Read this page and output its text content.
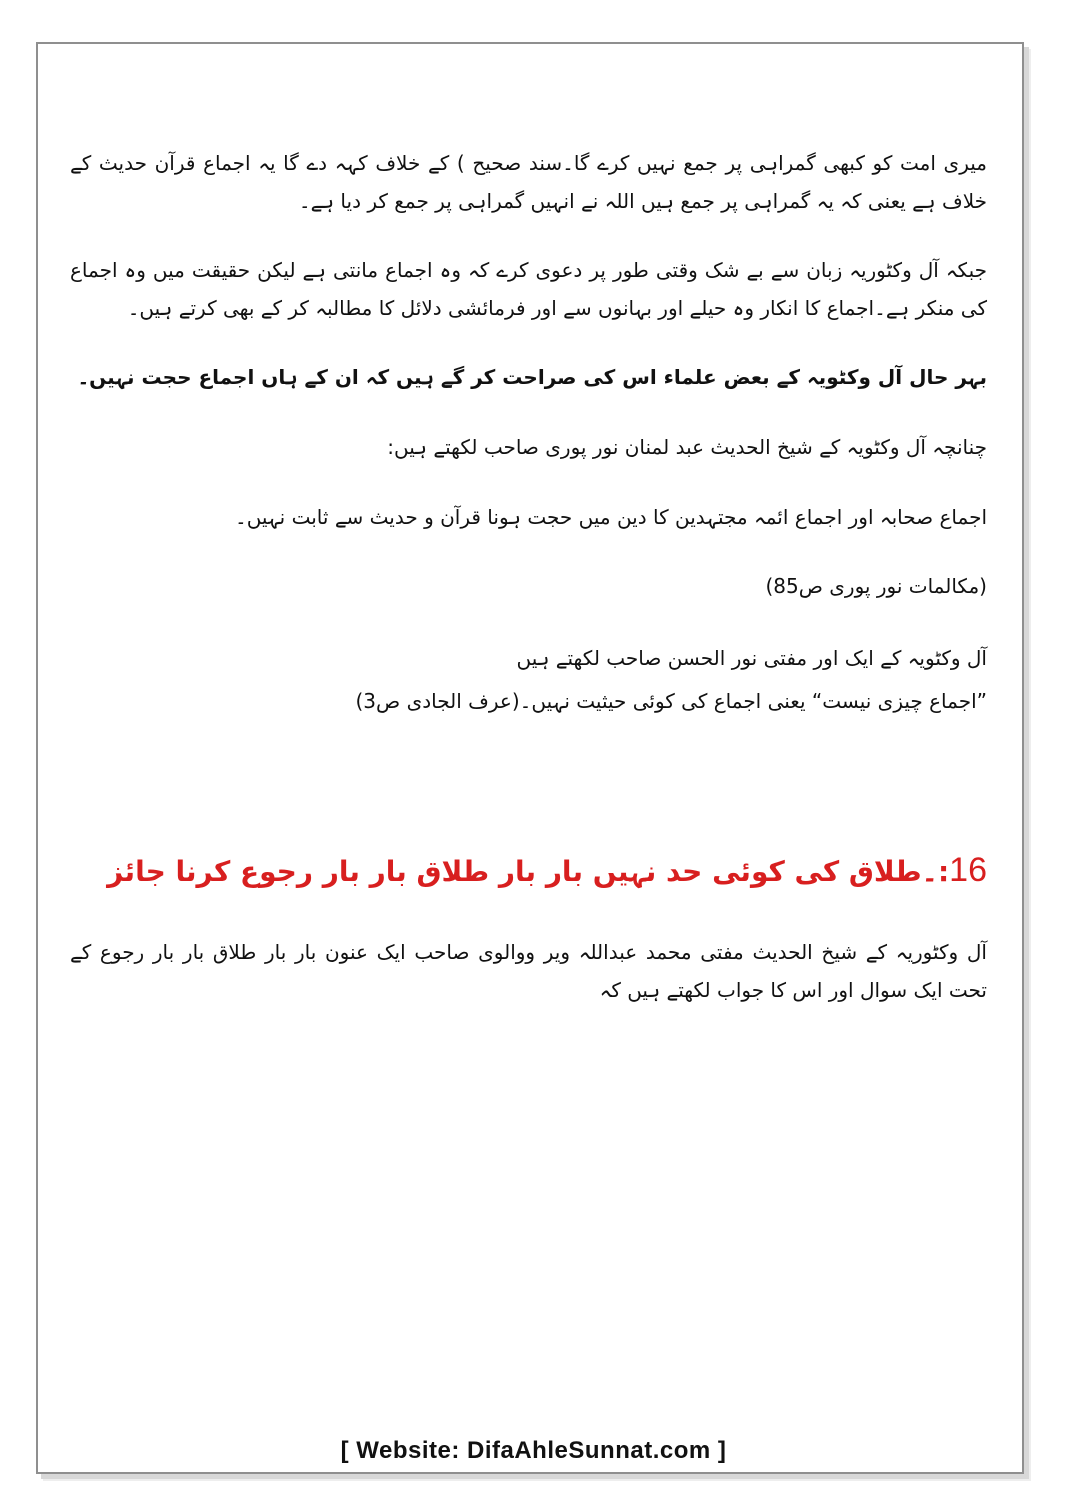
میری امت کو کبھی گمراہی پر جمع نہیں کرے گا۔سند صحیح ) کے خلاف کہہ دے گا یہ اجماع قرآن حدیث کے خلاف ہے یعنی کہ یہ گمراہی پر جمع ہیں اللہ نے انہیں گمراہی پر جمع کر دیا ہے۔

جبکہ آل وکٹوریہ زبان سے بے شک وقتی طور پر دعوی کرے کہ وہ اجماع مانتی ہے لیکن حقیقت میں وہ اجماع کی منکر ہے۔اجماع کا انکار وہ حیلے اور بہانوں سے اور فرمائشی دلائل کا مطالبہ کر کے بھی کرتے ہیں۔

بہر حال آل وکٹویہ کے بعض علماء اس کی صراحت کر گے ہیں کہ ان کے ہاں اجماع حجت نہیں۔

چنانچہ آل وکٹویہ کے شیخ الحدیث عبد لمنان نور پوری صاحب لکھتے ہیں:

اجماع صحابہ اور اجماع ائمہ مجتہدین کا دین میں حجت ہونا قرآن و حدیث سے ثابت نہیں۔

(مکالمات نور پوری ص85)

آل وکٹویہ کے ایک اور مفتی نور الحسن صاحب لکھتے ہیں

”اجماع چیزی نیست“ یعنی اجماع کی کوئی حیثیت نہیں۔(عرف الجادی ص3)

16:۔طلاق کی کوئی حد نہیں بار بار طلاق بار بار رجوع کرنا جائز

آل وکٹوریہ کے شیخ الحدیث مفتی محمد عبداللہ ویر ووالوی صاحب ایک عنون بار بار طلاق بار بار رجوع کے تحت ایک سوال اور اس کا جواب لکھتے ہیں کہ

[ Website: DifaAhleSunnat.com ]
